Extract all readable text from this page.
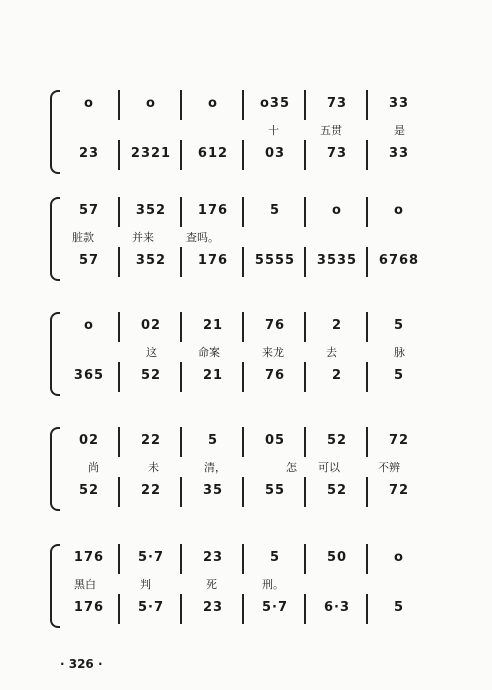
o	o	o	o35	73	33
十	五贯	是
23	2321	612	03	73	33
57	352	176	5	o	o
脏款	并来	查吗。
57	352	176	5555	3535	6768
o	02	21	76	2	5
这	命案	来龙	去	脉
365	52	21	76	2	5
02	22	5	05	52	72
尚	未	清，	怎 可以	不辨
52	22	35	55	52	72
176	5·7	23	5	50	o
黑白	判	死	刑。
176	5·7	23	5·7	6·3	5
· 326 ·
